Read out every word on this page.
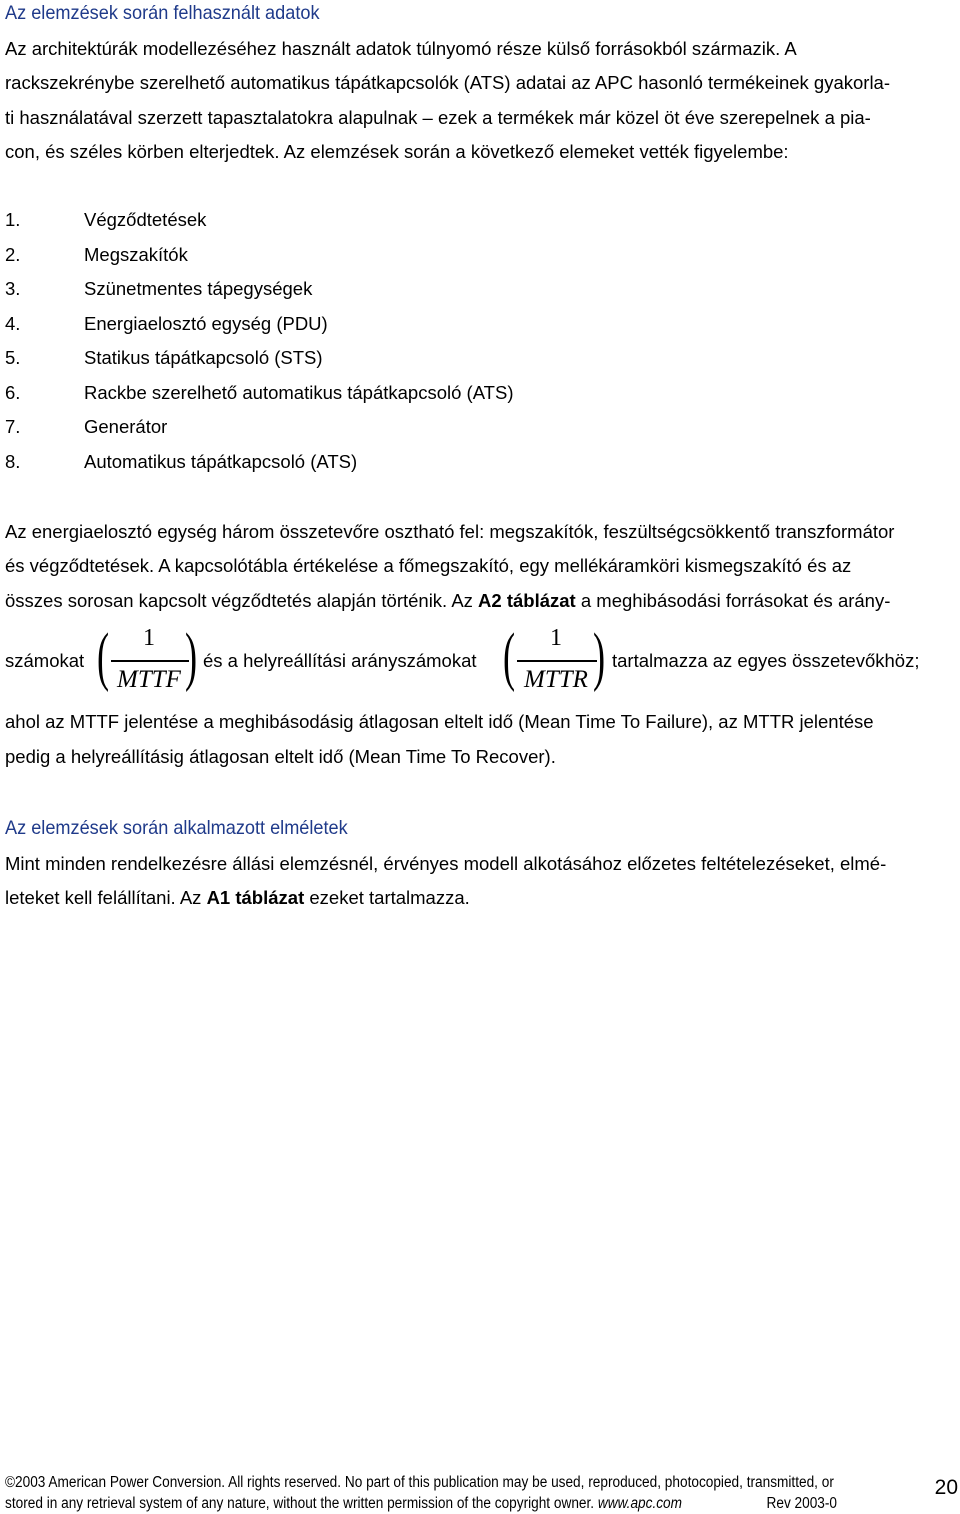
Az elemzések során felhasznált adatok

Az architektúrák modellezéséhez használt adatok túlnyomó része külső forrásokból származik. A

rackszekrénybe szerelhető automatikus tápátkapcsolók (ATS) adatai az APC hasonló termékeinek gyakorla-

ti használatával szerzett tapasztalatokra alapulnak – ezek a termékek már közel öt éve szerepelnek a pia-

con, és széles körben elterjedtek. Az elemzések során a következő elemeket vették figyelembe:

1.	Végződtetések
2.	Megszakítók
3.	Szünetmentes tápegységek
4.	Energiaelosztó egység (PDU)
5.	Statikus tápátkapcsoló (STS)
6.	Rackbe szerelhető automatikus tápátkapcsoló (ATS)
7.	Generátor
8.	Automatikus tápátkapcsoló (ATS)

Az energiaelosztó egység három összetevőre osztható fel: megszakítók, feszültségcsökkentő transzformátor

és végződtetések. A kapcsolótábla értékelése a főmegszakító, egy mellékáramköri kismegszakító és az

összes sorosan kapcsolt végződtetés alapján történik. Az A2 táblázat a meghibásodási forrásokat és arány-

számokat (	1
MTTF ) és a helyreállítási arányszámokat (	1
MTTR ) tartalmazza az egyes összetevőkhöz;

ahol az MTTF jelentése a meghibásodásig átlagosan eltelt idő (Mean Time To Failure), az MTTR jelentése

pedig a helyreállításig átlagosan eltelt idő (Mean Time To Recover).

Az elemzések során alkalmazott elméletek

Mint minden rendelkezésre állási elemzésnél, érvényes modell alkotásához előzetes feltételezéseket, elmé-

leteket kell felállítani. Az A1 táblázat ezeket tartalmazza.

©2003 American Power Conversion. All rights reserved. No part of this publication may be used, reproduced, photocopied, transmitted, or
stored in any retrieval system of any nature, without the written permission of the copyright owner. www.apc.com	Rev 2003-0
20
